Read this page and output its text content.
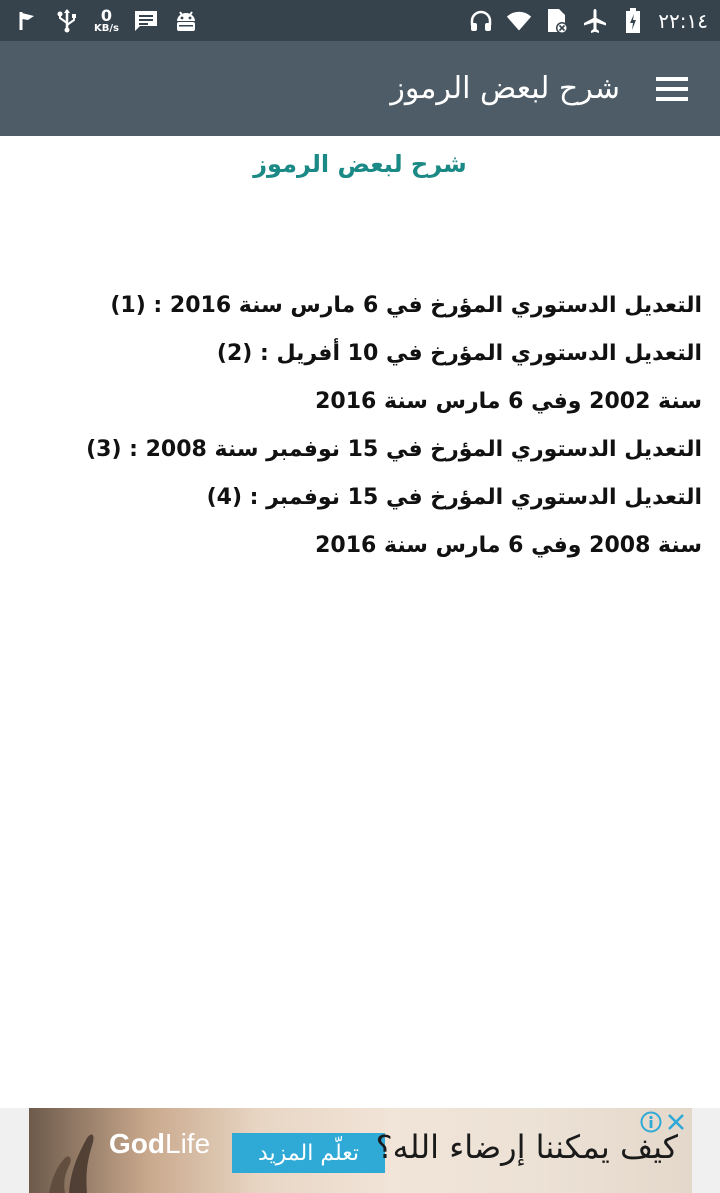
0
KB/s	٢٢:١٤
شرح لبعض الرموز
شرح لبعض الرموز

التعديل الدستوري المؤرخ في 6 مارس سنة 2016 : (1)

التعديل الدستوري المؤرخ في 10 أفريل : (2)

سنة 2002 وفي 6 مارس سنة 2016

التعديل الدستوري المؤرخ في 15 نوفمبر سنة 2008 : (3)

التعديل الدستوري المؤرخ في 15 نوفمبر : (4)

سنة 2008 وفي 6 مارس سنة 2016

GodLife	تعلّم المزيد كيف يمكننا إرضاء الله؟
